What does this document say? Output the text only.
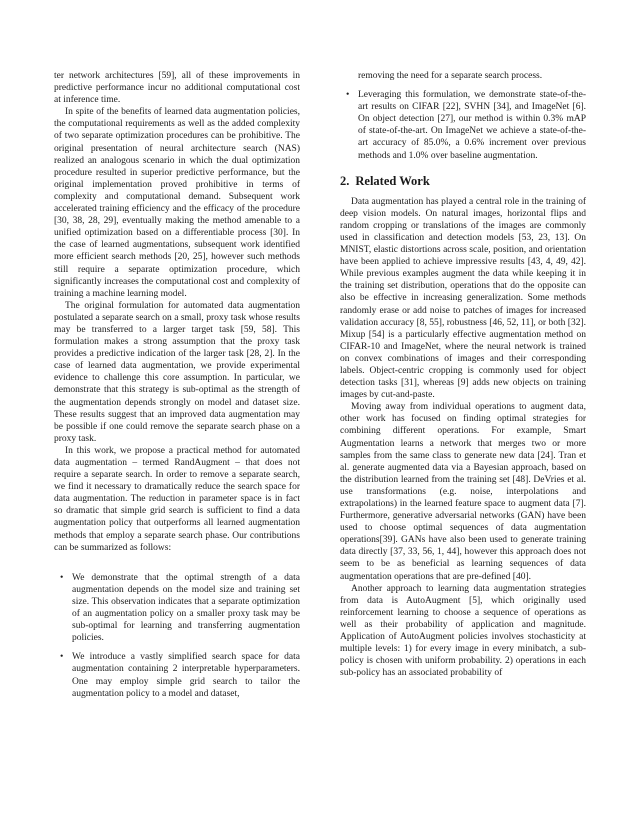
ter network architectures [59], all of these improvements in predictive performance incur no additional computational cost at inference time.

In spite of the benefits of learned data augmentation policies, the computational requirements as well as the added complexity of two separate optimization procedures can be prohibitive. The original presentation of neural architecture search (NAS) realized an analogous scenario in which the dual optimization procedure resulted in superior predictive performance, but the original implementation proved prohibitive in terms of complexity and computational demand. Subsequent work accelerated training efficiency and the efficacy of the procedure [30, 38, 28, 29], eventually making the method amenable to a unified optimization based on a differentiable process [30]. In the case of learned augmentations, subsequent work identified more efficient search methods [20, 25], however such methods still require a separate optimization procedure, which significantly increases the computational cost and complexity of training a machine learning model.

The original formulation for automated data augmentation postulated a separate search on a small, proxy task whose results may be transferred to a larger target task [59, 58]. This formulation makes a strong assumption that the proxy task provides a predictive indication of the larger task [28, 2]. In the case of learned data augmentation, we provide experimental evidence to challenge this core assumption. In particular, we demonstrate that this strategy is sub-optimal as the strength of the augmentation depends strongly on model and dataset size. These results suggest that an improved data augmentation may be possible if one could remove the separate search phase on a proxy task.

In this work, we propose a practical method for automated data augmentation – termed RandAugment – that does not require a separate search. In order to remove a separate search, we find it necessary to dramatically reduce the search space for data augmentation. The reduction in parameter space is in fact so dramatic that simple grid search is sufficient to find a data augmentation policy that outperforms all learned augmentation methods that employ a separate search phase. Our contributions can be summarized as follows:

• We demonstrate that the optimal strength of a data augmentation depends on the model size and training set size. This observation indicates that a separate optimization of an augmentation policy on a smaller proxy task may be sub-optimal for learning and transferring augmentation policies.
• We introduce a vastly simplified search space for data augmentation containing 2 interpretable hyperparameters. One may employ simple grid search to tailor the augmentation policy to a model and dataset,
removing the need for a separate search process.
• Leveraging this formulation, we demonstrate state-of-the-art results on CIFAR [22], SVHN [34], and ImageNet [6]. On object detection [27], our method is within 0.3% mAP of state-of-the-art. On ImageNet we achieve a state-of-the-art accuracy of 85.0%, a 0.6% increment over previous methods and 1.0% over baseline augmentation.
2. Related Work

Data augmentation has played a central role in the training of deep vision models. On natural images, horizontal flips and random cropping or translations of the images are commonly used in classification and detection models [53, 23, 13]. On MNIST, elastic distortions across scale, position, and orientation have been applied to achieve impressive results [43, 4, 49, 42]. While previous examples augment the data while keeping it in the training set distribution, operations that do the opposite can also be effective in increasing generalization. Some methods randomly erase or add noise to patches of images for increased validation accuracy [8, 55], robustness [46, 52, 11], or both [32]. Mixup [54] is a particularly effective augmentation method on CIFAR-10 and ImageNet, where the neural network is trained on convex combinations of images and their corresponding labels. Object-centric cropping is commonly used for object detection tasks [31], whereas [9] adds new objects on training images by cut-and-paste.

Moving away from individual operations to augment data, other work has focused on finding optimal strategies for combining different operations. For example, Smart Augmentation learns a network that merges two or more samples from the same class to generate new data [24]. Tran et al. generate augmented data via a Bayesian approach, based on the distribution learned from the training set [48]. DeVries et al. use transformations (e.g. noise, interpolations and extrapolations) in the learned feature space to augment data [7]. Furthermore, generative adversarial networks (GAN) have been used to choose optimal sequences of data augmentation operations[39]. GANs have also been used to generate training data directly [37, 33, 56, 1, 44], however this approach does not seem to be as beneficial as learning sequences of data augmentation operations that are pre-defined [40].

Another approach to learning data augmentation strategies from data is AutoAugment [5], which originally used reinforcement learning to choose a sequence of operations as well as their probability of application and magnitude. Application of AutoAugment policies involves stochasticity at multiple levels: 1) for every image in every minibatch, a sub-policy is chosen with uniform probability. 2) operations in each sub-policy has an associated probability of
